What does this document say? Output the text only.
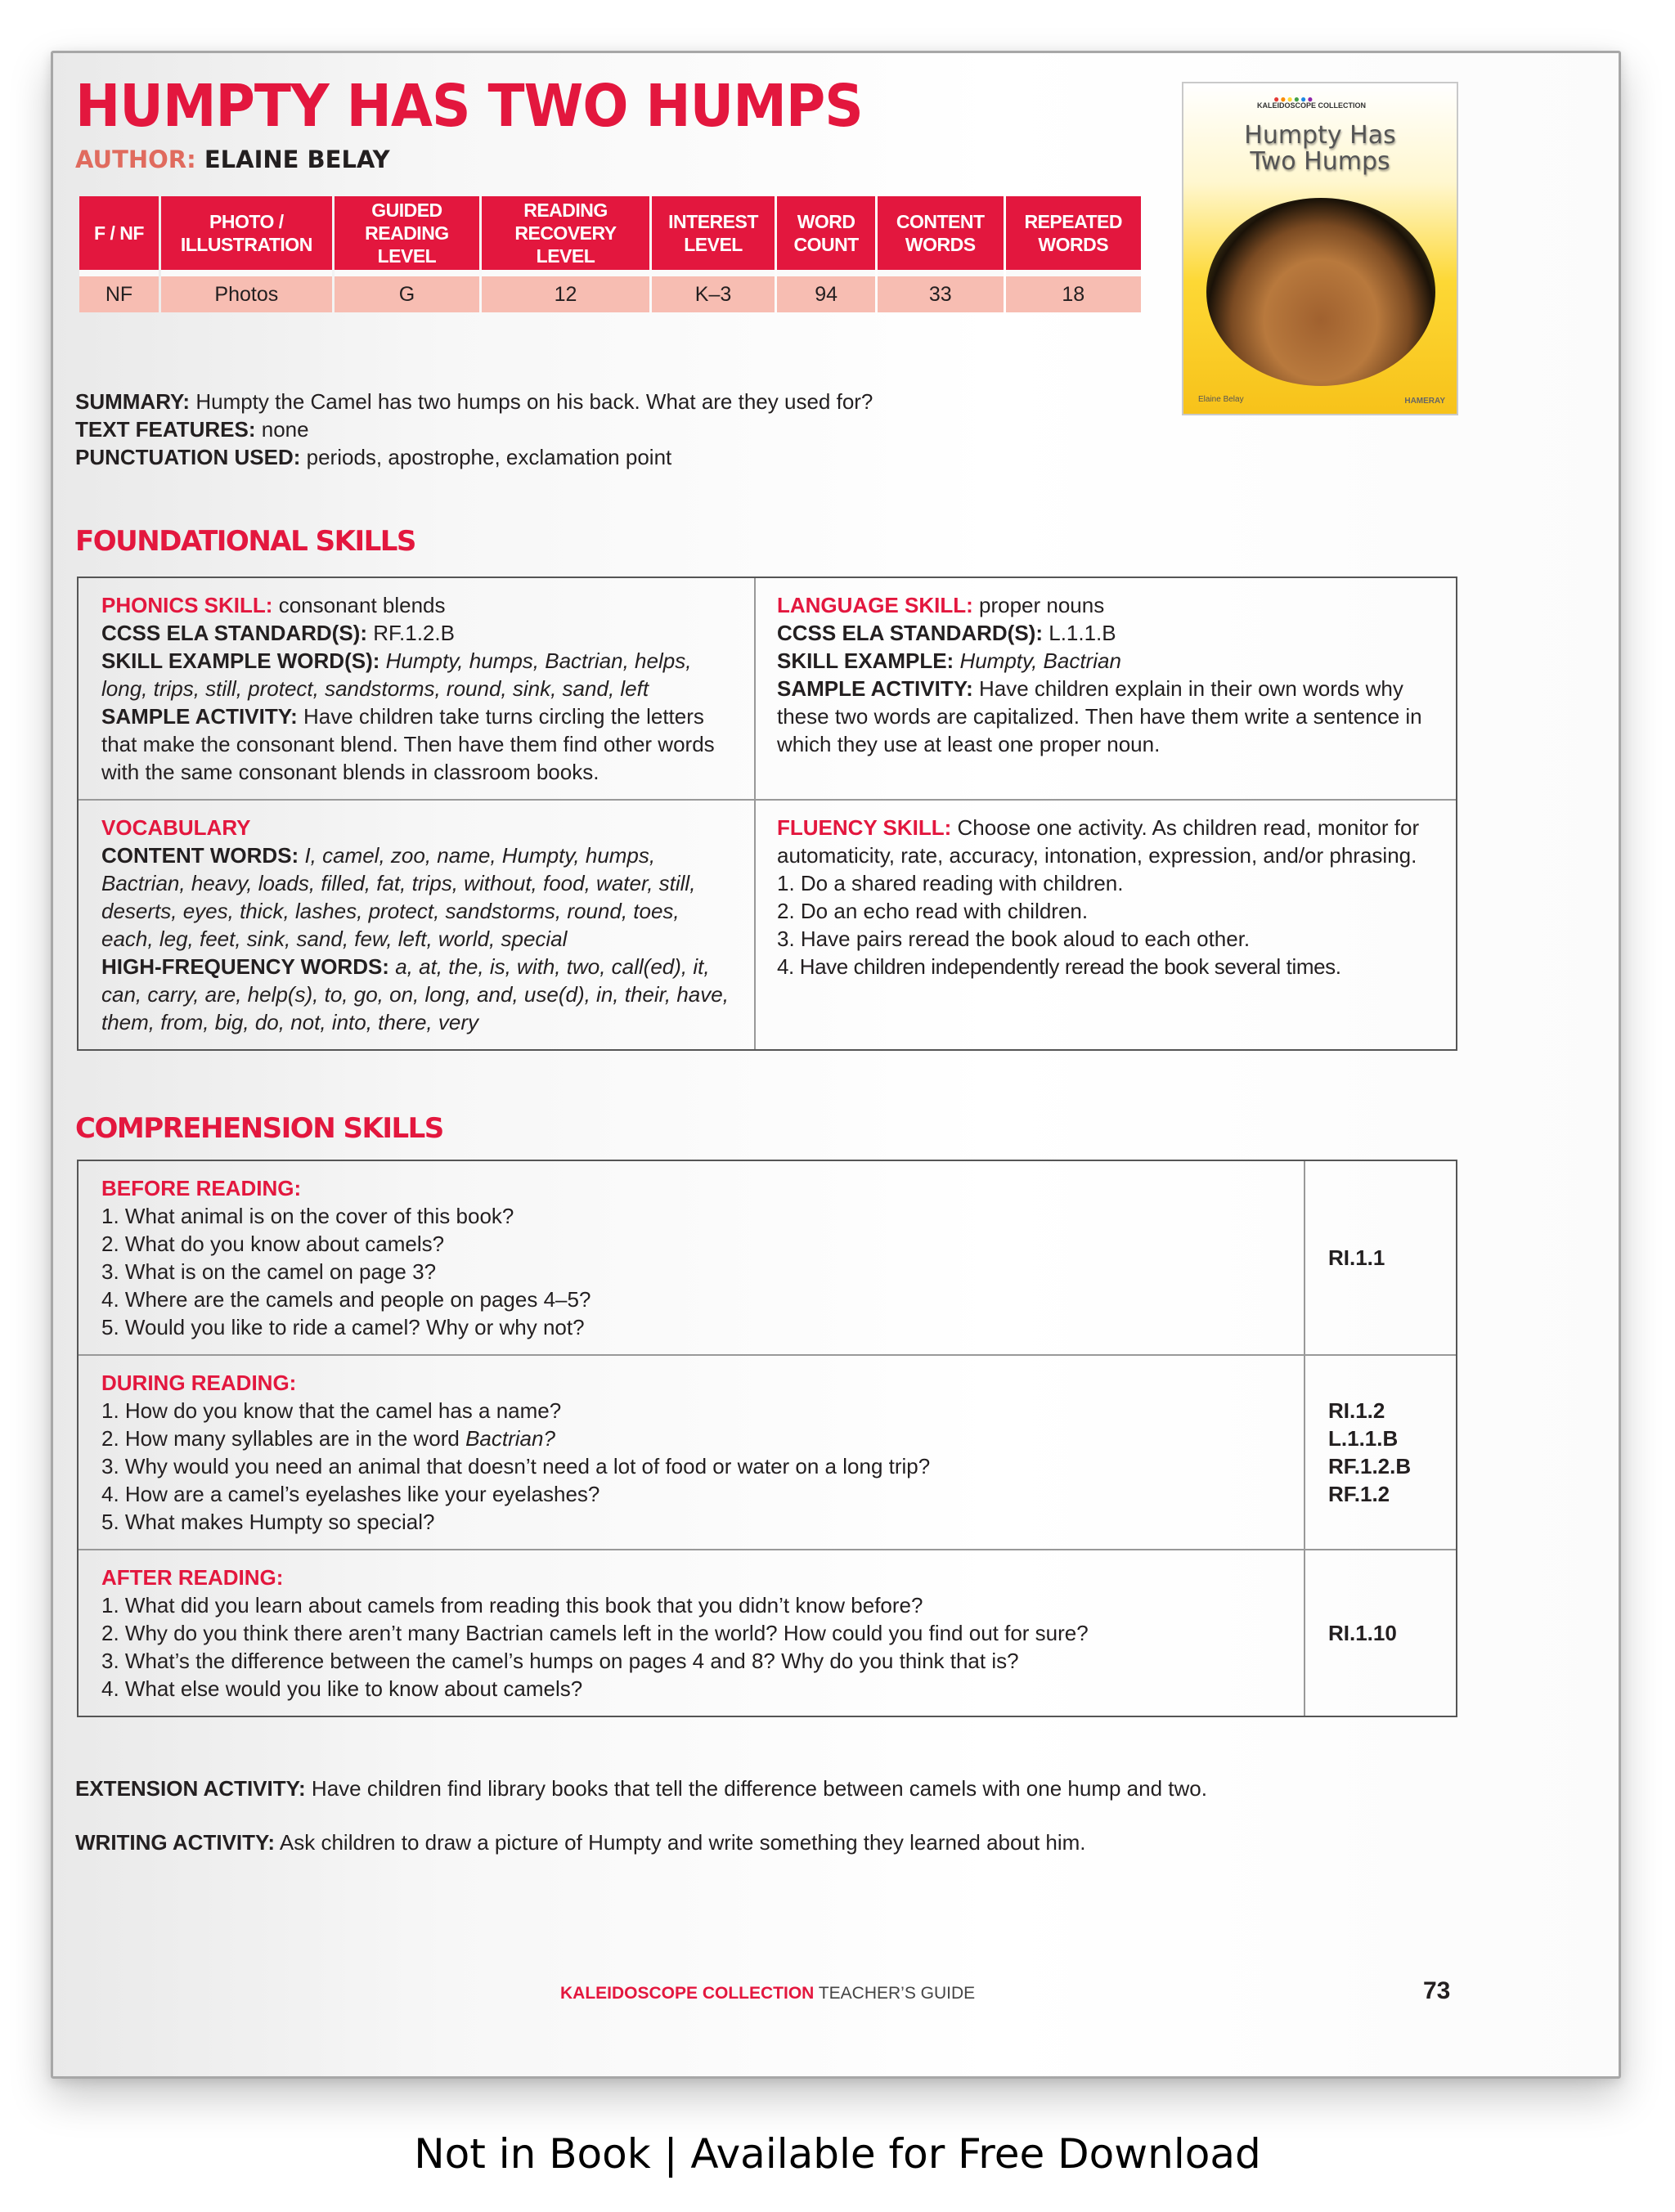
HUMPTY HAS TWO HUMPS
AUTHOR: ELAINE BELAY
F / NF	PHOTO / ILLUSTRATION	GUIDED READING LEVEL	READING RECOVERY LEVEL	INTEREST LEVEL	WORD COUNT	CONTENT WORDS	REPEATED WORDS
NF	Photos	G	12	K–3	94	33	18
SUMMARY: Humpty the Camel has two humps on his back. What are they used for?
TEXT FEATURES: none
PUNCTUATION USED: periods, apostrophe, exclamation point
●●●●●●
KALEIDOSCOPE COLLECTION
Humpty Has
Two Humps
Elaine Belay	HAMERAY
FOUNDATIONAL SKILLS
PHONICS SKILL: consonant blends
CCSS ELA STANDARD(S): RF.1.2.B
SKILL EXAMPLE WORD(S): Humpty, humps, Bactrian, helps, long, trips, still, protect, sandstorms, round, sink, sand, left
SAMPLE ACTIVITY: Have children take turns circling the letters that make the consonant blend. Then have them find other words with the same consonant blends in classroom books.
LANGUAGE SKILL: proper nouns
CCSS ELA STANDARD(S): L.1.1.B
SKILL EXAMPLE: Humpty, Bactrian
SAMPLE ACTIVITY: Have children explain in their own words why these two words are capitalized. Then have them write a sentence in which they use at least one proper noun.
VOCABULARY
CONTENT WORDS: I, camel, zoo, name, Humpty, humps, Bactrian, heavy, loads, filled, fat, trips, without, food, water, still, deserts, eyes, thick, lashes, protect, sandstorms, round, toes, each, leg, feet, sink, sand, few, left, world, special
HIGH-FREQUENCY WORDS: a, at, the, is, with, two, call(ed), it, can, carry, are, help(s), to, go, on, long, and, use(d), in, their, have, them, from, big, do, not, into, there, very
FLUENCY SKILL: Choose one activity. As children read, monitor for automaticity, rate, accuracy, intonation, expression, and/or phrasing.
1. Do a shared reading with children.
2. Do an echo read with children.
3. Have pairs reread the book aloud to each other.
4. Have children independently reread the book several times.
COMPREHENSION SKILLS
BEFORE READING:
1. What animal is on the cover of this book?
2. What do you know about camels?
3. What is on the camel on page 3?
4. Where are the camels and people on pages 4–5?
5. Would you like to ride a camel? Why or why not?
RI.1.1
DURING READING:
1. How do you know that the camel has a name?
2. How many syllables are in the word Bactrian?
3. Why would you need an animal that doesn’t need a lot of food or water on a long trip?
4. How are a camel’s eyelashes like your eyelashes?
5. What makes Humpty so special?
RI.1.2
L.1.1.B
RF.1.2.B
RF.1.2
AFTER READING:
1. What did you learn about camels from reading this book that you didn’t know before?
2. Why do you think there aren’t many Bactrian camels left in the world? How could you find out for sure?
3. What’s the difference between the camel’s humps on pages 4 and 8? Why do you think that is?
4. What else would you like to know about camels?
RI.1.10
EXTENSION ACTIVITY: Have children find library books that tell the difference between camels with one hump and two.
WRITING ACTIVITY: Ask children to draw a picture of Humpty and write something they learned about him.
KALEIDOSCOPE COLLECTION TEACHER’S GUIDE	73
Not in Book | Available for Free Download
